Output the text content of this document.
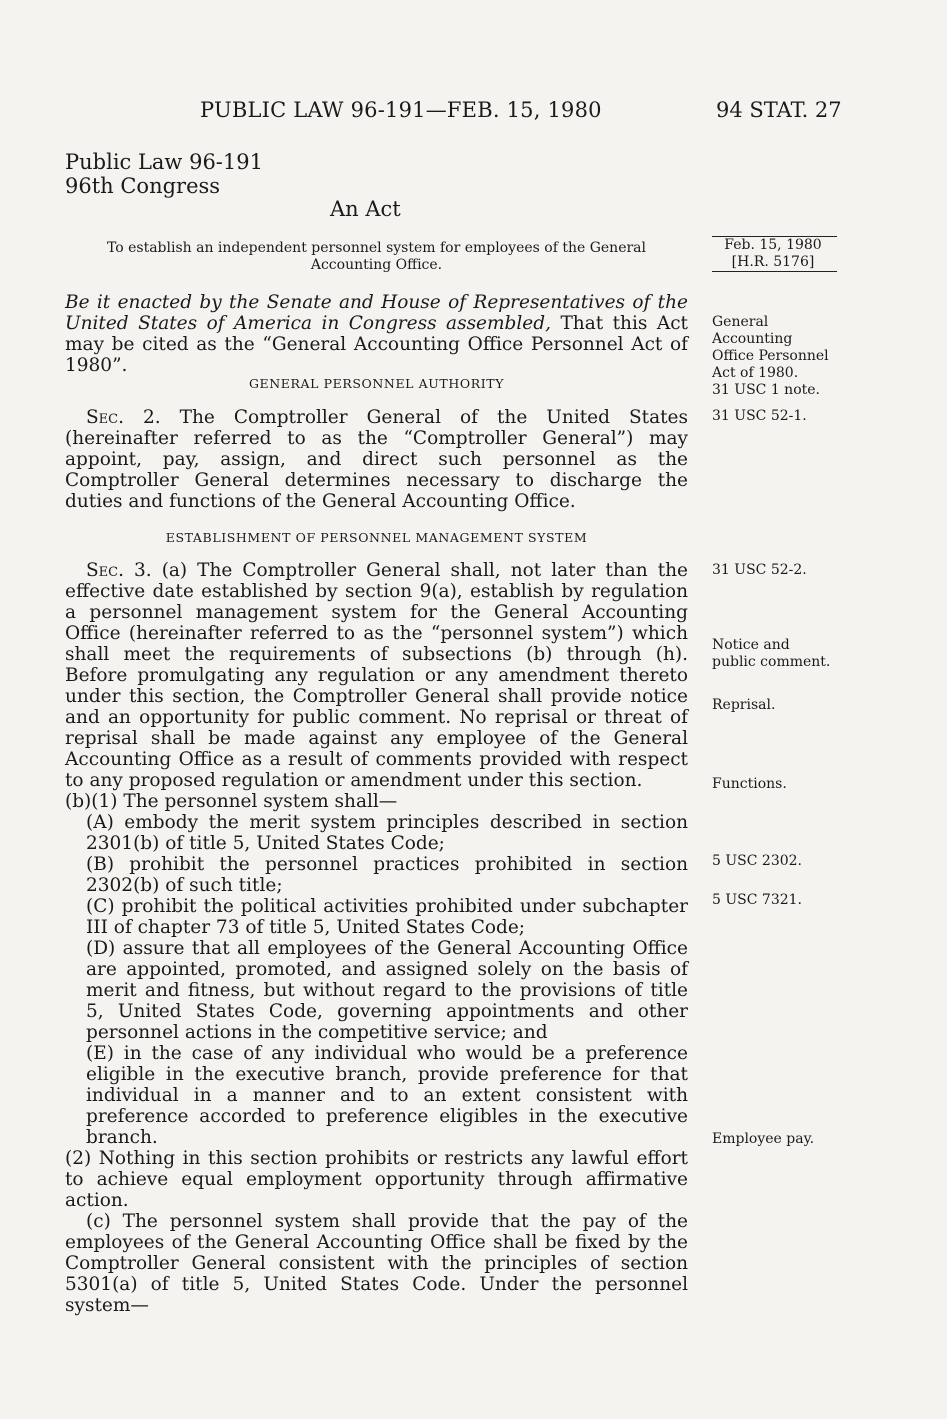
PUBLIC LAW 96-191—FEB. 15, 1980	94 STAT. 27
Public Law 96-191
96th Congress
An Act
To establish an independent personnel system for employees of the General Accounting Office.
Feb. 15, 1980
[H.R. 5176]
Be it enacted by the Senate and House of Representatives of the United States of America in Congress assembled, That this Act may be cited as the “General Accounting Office Personnel Act of 1980”.
General
Accounting
Office Personnel
Act of 1980.
31 USC 1 note.
GENERAL PERSONNEL AUTHORITY
Sec. 2. The Comptroller General of the United States (hereinafter referred to as the “Comptroller General”) may appoint, pay, assign, and direct such personnel as the Comptroller General determines necessary to discharge the duties and functions of the General Accounting Office.
31 USC 52-1.
ESTABLISHMENT OF PERSONNEL MANAGEMENT SYSTEM

Sec. 3. (a) The Comptroller General shall, not later than the effective date established by section 9(a), establish by regulation a personnel management system for the General Accounting Office (hereinafter referred to as the “personnel system”) which shall meet the requirements of subsections (b) through (h). Before promulgating any regulation or any amendment thereto under this section, the Comptroller General shall provide notice and an opportunity for public comment. No reprisal or threat of reprisal shall be made against any employee of the General Accounting Office as a result of comments provided with respect to any proposed regulation or amendment under this section.

(b)(1) The personnel system shall—

(A) embody the merit system principles described in section 2301(b) of title 5, United States Code;

(B) prohibit the personnel practices prohibited in section 2302(b) of such title;

(C) prohibit the political activities prohibited under subchapter III of chapter 73 of title 5, United States Code;

(D) assure that all employees of the General Accounting Office are appointed, promoted, and assigned solely on the basis of merit and fitness, but without regard to the provisions of title 5, United States Code, governing appointments and other personnel actions in the competitive service; and

(E) in the case of any individual who would be a preference eligible in the executive branch, provide preference for that individual in a manner and to an extent consistent with preference accorded to preference eligibles in the executive branch.

(2) Nothing in this section prohibits or restricts any lawful effort to achieve equal employment opportunity through affirmative action.

(c) The personnel system shall provide that the pay of the employees of the General Accounting Office shall be fixed by the Comptroller General consistent with the principles of section 5301(a) of title 5, United States Code. Under the personnel system—

31 USC 52-2.
Notice and
public comment.
Reprisal.
Functions.
5 USC 2302.
5 USC 7321.
Employee pay.
